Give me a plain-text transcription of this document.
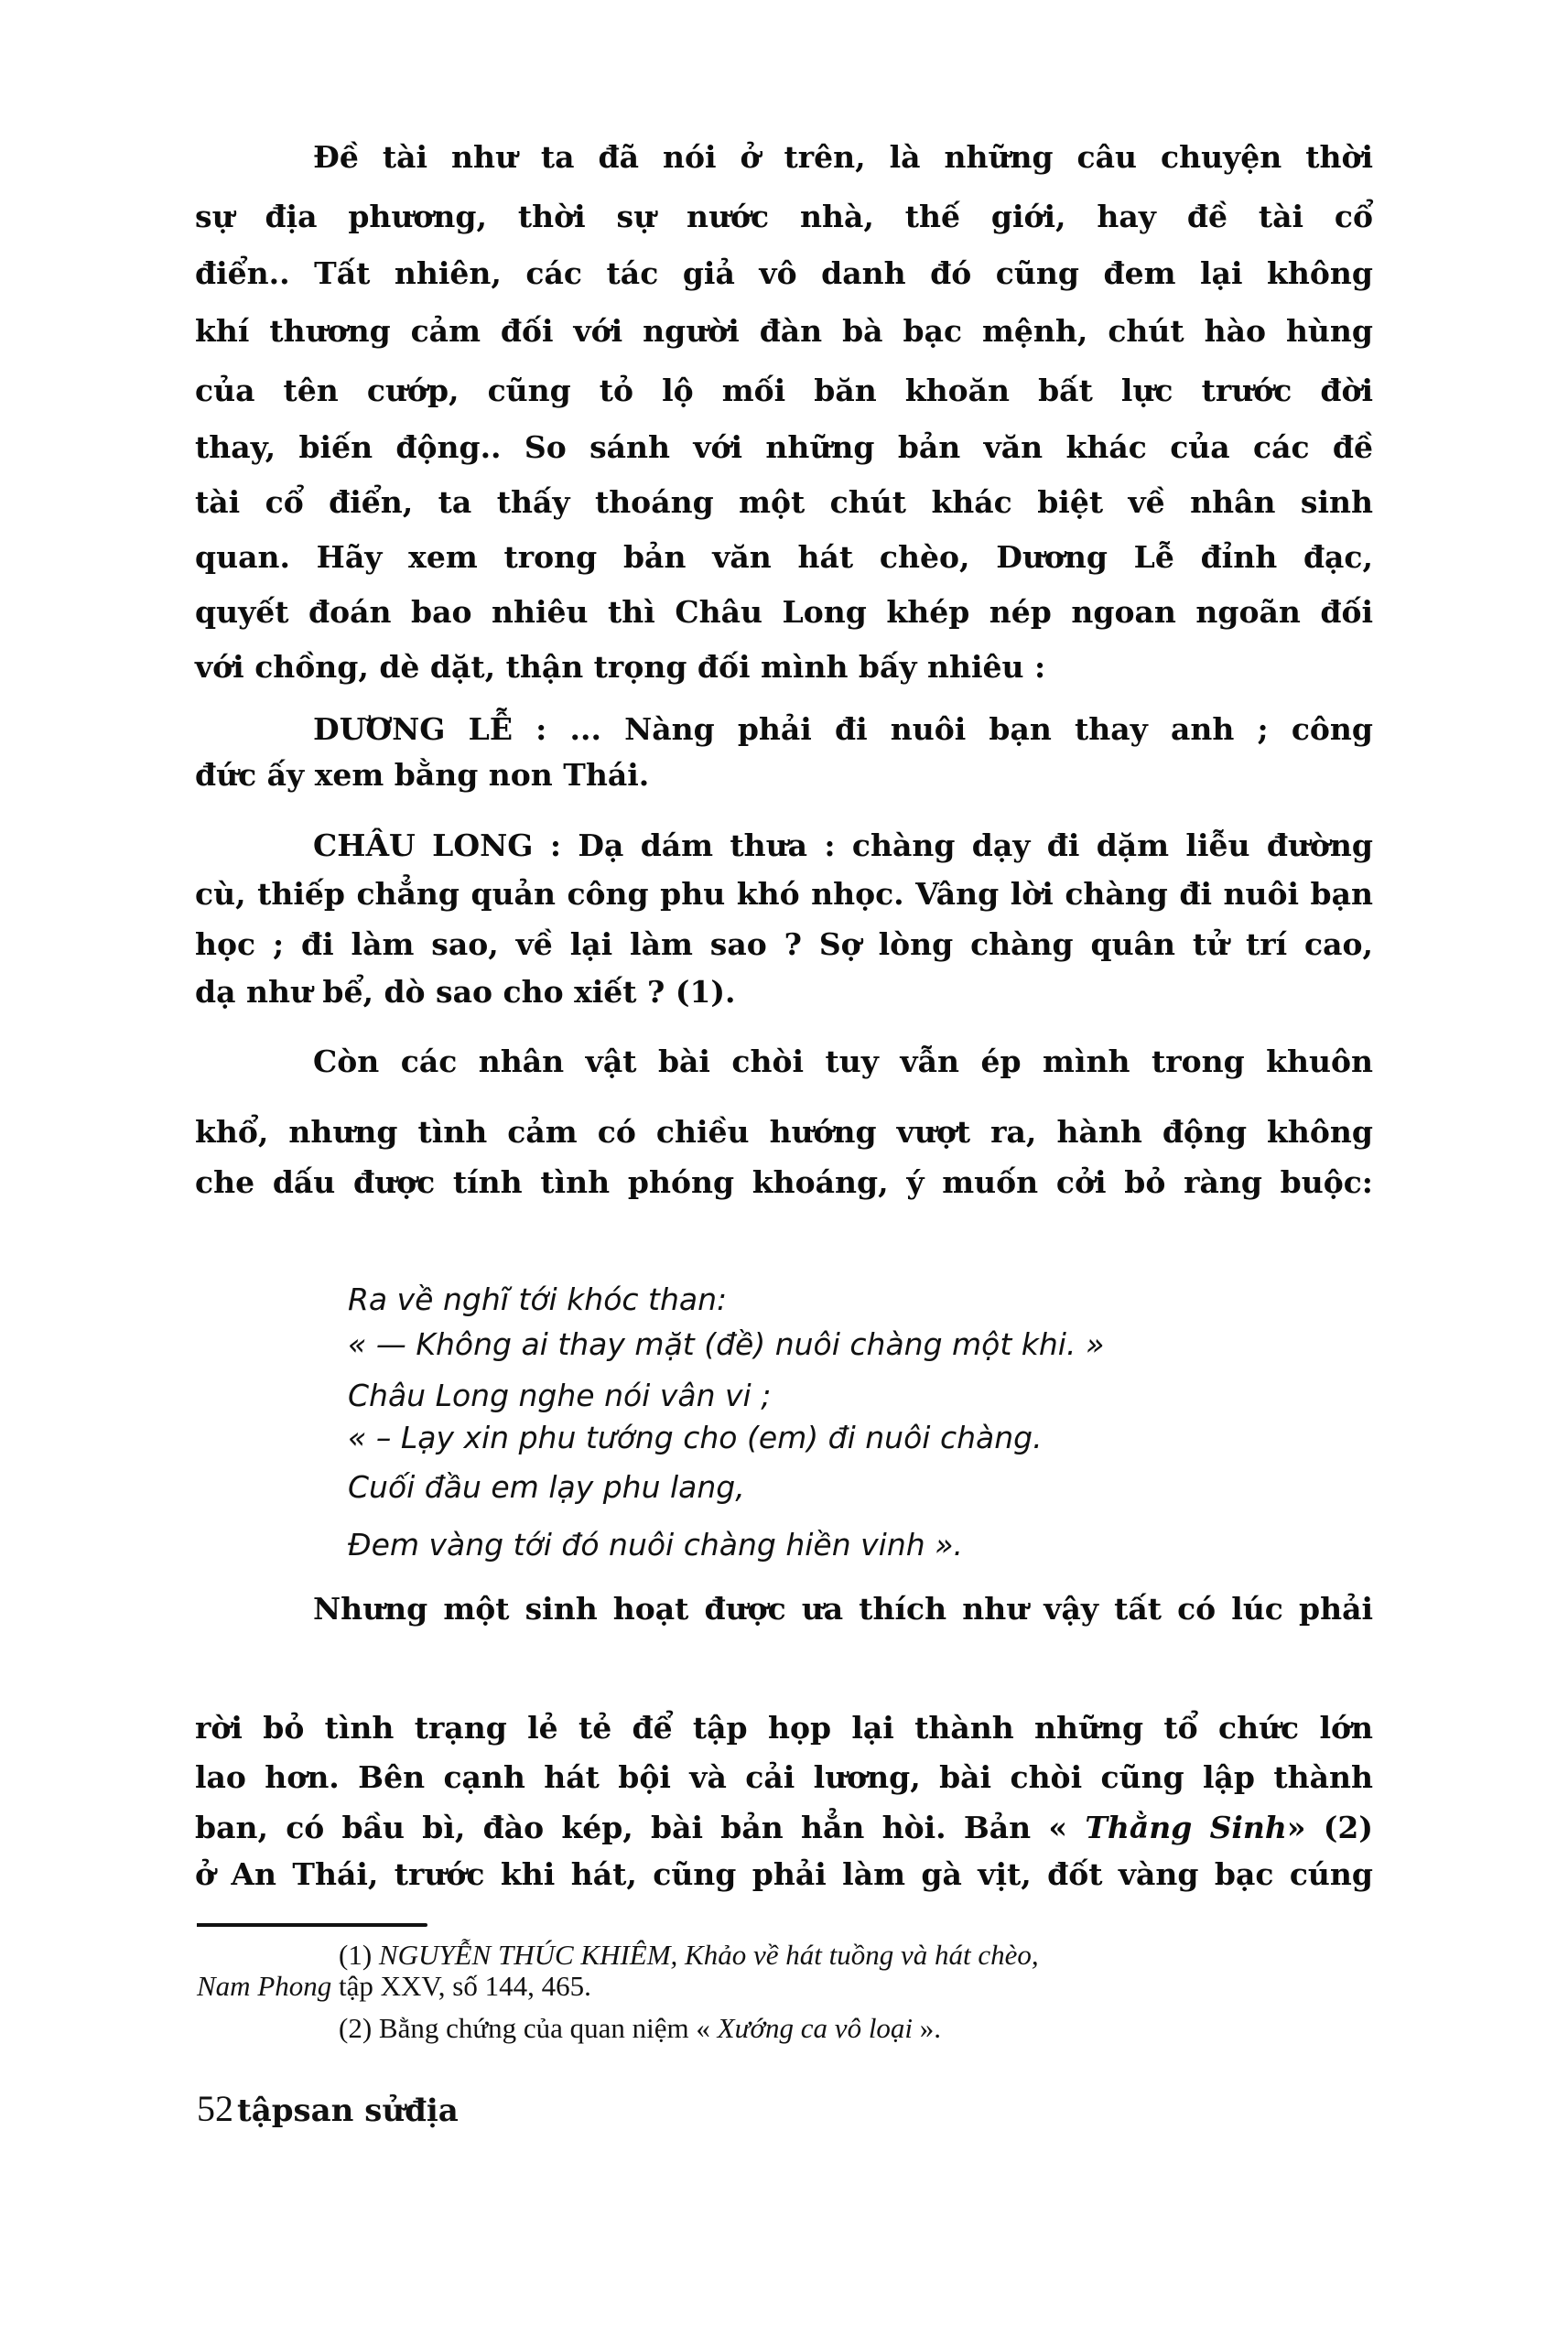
Đề tài như ta đã nói ở trên, là những câu chuyện thời
sự địa phương, thời sự nước nhà, thế giới, hay đề tài cổ
điển.. Tất nhiên, các tác giả vô danh đó cũng đem lại không
khí thương cảm đối với người đàn bà bạc mệnh, chút hào hùng
của tên cướp, cũng tỏ lộ mối băn khoăn bất lực trước đời
thay, biến động.. So sánh với những bản văn khác của các đề
tài cổ điển, ta thấy thoáng một chút khác biệt về nhân sinh
quan. Hãy xem trong bản văn hát chèo, Dương Lễ đỉnh đạc,
quyết đoán bao nhiêu thì Châu Long khép nép ngoan ngoãn đối
với chồng, dè dặt, thận trọng đối mình bấy nhiêu :
DƯƠNG LỄ : ... Nàng phải đi nuôi bạn thay anh ; công
đức ấy xem bằng non Thái.
CHÂU LONG : Dạ dám thưa : chàng dạy đi dặm liễu đường
cù, thiếp chẳng quản công phu khó nhọc. Vâng lời chàng đi nuôi bạn
học ; đi làm sao, về lại làm sao ? Sợ lòng chàng quân tử trí cao,
dạ như bể, dò sao cho xiết ? (1).
Còn các nhân vật bài chòi tuy vẫn ép mình trong khuôn
khổ, nhưng tình cảm có chiều hướng vượt ra, hành động không
che dấu được tính tình phóng khoáng, ý muốn cởi bỏ ràng buộc:
Ra về nghĩ tới khóc than:
« — Không ai thay mặt (đề) nuôi chàng một khi. »
Châu Long nghe nói vân vi ;
« – Lạy xin phu tướng cho (em) đi nuôi chàng.
Cuối đầu em lạy phu lang,
Đem vàng tới đó nuôi chàng hiền vinh ».
Nhưng một sinh hoạt được ưa thích như vậy tất có lúc phải
rời bỏ tình trạng lẻ tẻ để tập họp lại thành những tổ chức lớn
lao hơn. Bên cạnh hát bội và cải lương, bài chòi cũng lập thành
ban, có bầu bì, đào kép, bài bản hẳn hòi. Bản « Thằng Sinh» (2)
ở An Thái, trước khi hát, cũng phải làm gà vịt, đốt vàng bạc cúng
(1) NGUYỄN THÚC KHIÊM, Khảo về hát tuồng và hát chèo,
Nam Phong tập XXV, số 144, 465.
(2) Bằng chứng của quan niệm « Xướng ca vô loại ».
52 tậpsan sửđịa
